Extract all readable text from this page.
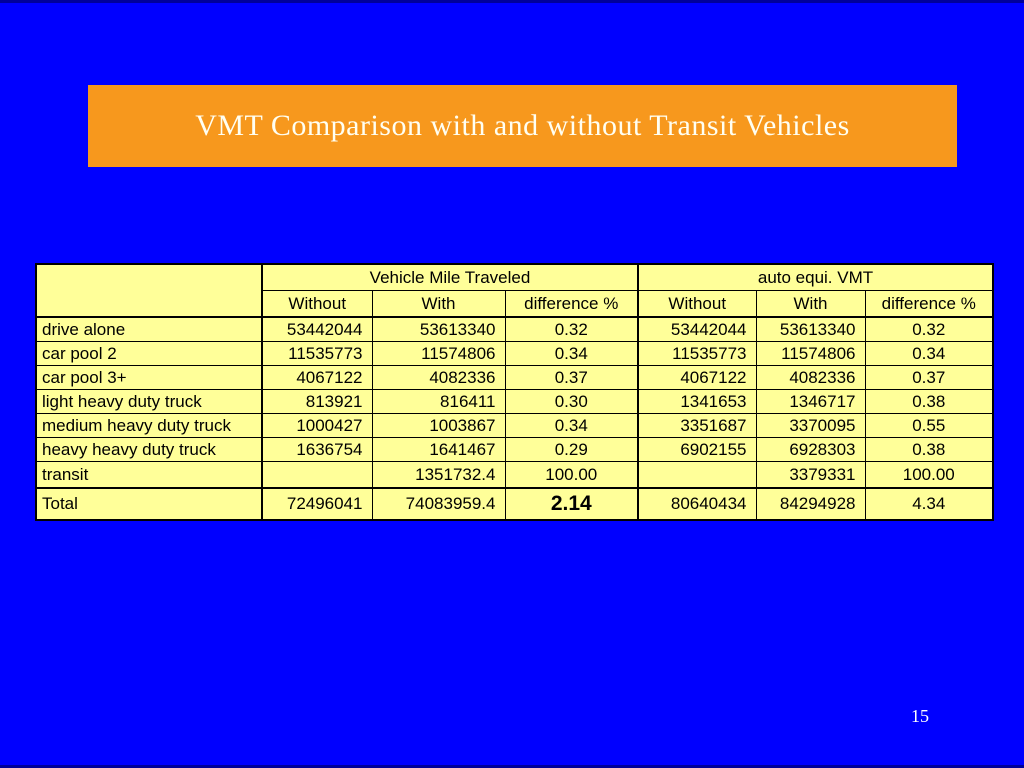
VMT Comparison with and without Transit Vehicles
	Vehicle Mile Traveled			auto equi. VMT		
	Without	With	difference %	Without	With	difference %
drive alone	53442044	53613340	0.32	53442044	53613340	0.32
car pool 2	11535773	11574806	0.34	11535773	11574806	0.34
car pool 3+	4067122	4082336	0.37	4067122	4082336	0.37
light heavy duty truck	813921	816411	0.30	1341653	1346717	0.38
medium heavy duty truck	1000427	1003867	0.34	3351687	3370095	0.55
heavy heavy duty truck	1636754	1641467	0.29	6902155	6928303	0.38
transit		1351732.4	100.00		3379331	100.00
Total	72496041	74083959.4	2.14	80640434	84294928	4.34
15
